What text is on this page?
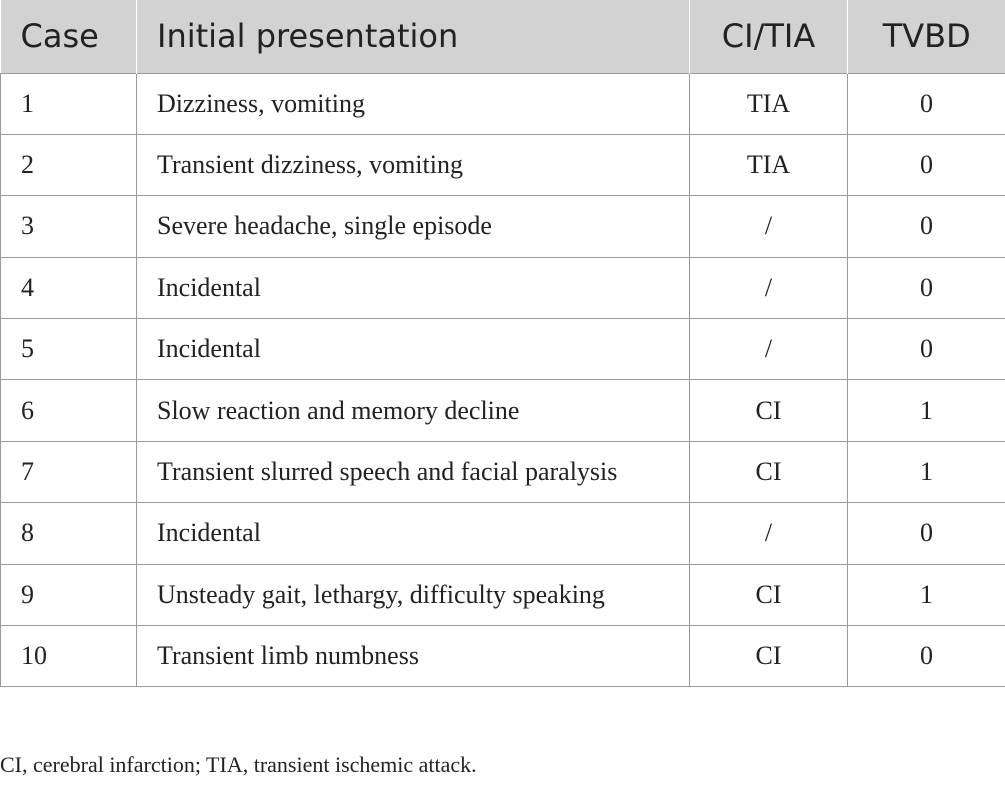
Case	Initial presentation	CI/TIA	TVBD
1	Dizziness, vomiting	TIA	0
2	Transient dizziness, vomiting	TIA	0
3	Severe headache, single episode	/	0
4	Incidental	/	0
5	Incidental	/	0
6	Slow reaction and memory decline	CI	1
7	Transient slurred speech and facial paralysis	CI	1
8	Incidental	/	0
9	Unsteady gait, lethargy, difficulty speaking	CI	1
10	Transient limb numbness	CI	0
CI, cerebral infarction; TIA, transient ischemic attack.
